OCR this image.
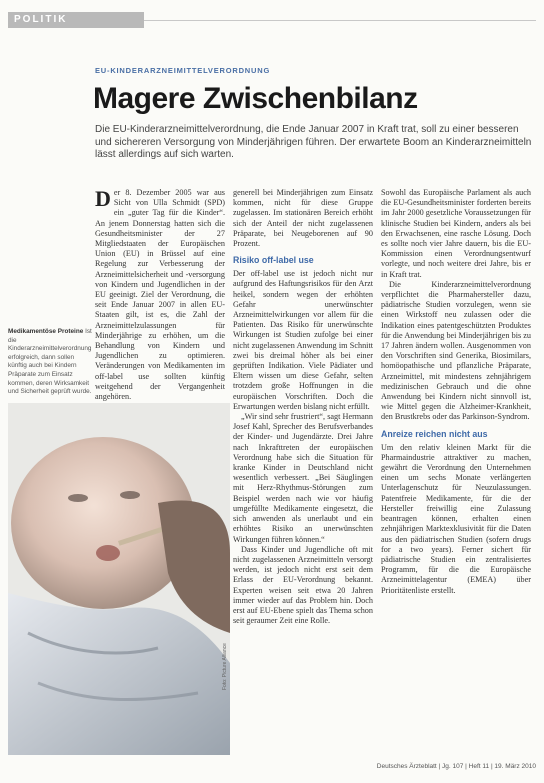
POLITIK
EU-KINDERARZNEIMITTELVERORDNUNG
Magere Zwischenbilanz

Die EU-Kinderarzneimittelverordnung, die Ende Januar 2007 in Kraft trat, soll zu einer besseren und sichereren Versorgung von Minderjährigen führen. Der erwartete Boom an Kinderarzneimitteln lässt allerdings auf sich warten.

Der 8. Dezember 2005 war aus Sicht von Ulla Schmidt (SPD) ein „guter Tag für die Kinder“. An jenem Donnerstag hatten sich die Gesundheitsminister der 27 Mitgliedstaaten der Europäischen Union (EU) in Brüssel auf eine Regelung zur Verbesserung der Arzneimittelsicherheit und -versorgung von Kindern und Jugendlichen in der EU geeinigt. Ziel der Verordnung, die seit Ende Januar 2007 in allen EU-Staaten gilt, ist es, die Zahl der Arzneimittelzulassungen für Minderjährige zu erhöhen, um die Behandlung von Kindern und Jugendlichen zu optimieren. Veränderungen von Medikamenten im off-label use sollten künftig weitgehend der Vergangenheit angehören.

Medikamentöse Proteine Ist die Kinderarzneimittelverordnung erfolgreich, dann sollen künftig auch bei Kindern Präparate zum Einsatz kommen, deren Wirksamkeit und Sicherheit geprüft wurde.
Foto: Picture Alliance

generell bei Minderjährigen zum Einsatz kommen, nicht für diese Gruppe zugelassen. Im stationären Bereich erhöht sich der Anteil der nicht zugelassenen Präparate, bei Neugeborenen auf 90 Prozent.

Risiko off-label use

Der off-label use ist jedoch nicht nur aufgrund des Haftungsrisikos für den Arzt heikel, sondern wegen der erhöhten Gefahr unerwünschter Arzneimittelwirkungen vor allem für die Patienten. Das Risiko für unerwünschte Wirkungen ist Studien zufolge bei einer nicht zugelassenen Anwendung im Schnitt zwei bis dreimal höher als bei einer geprüften Indikation. Viele Pädiater und Eltern wissen um diese Gefahr, selten trotzdem große Hoffnungen in die europäischen Vorschriften. Doch die Erwartungen werden bislang nicht erfüllt.

„Wir sind sehr frustriert“, sagt Hermann Josef Kahl, Sprecher des Berufsverbandes der Kinder- und Jugendärzte. Drei Jahre nach Inkrafttreten der europäischen Verordnung habe sich die Situation für kranke Kinder in Deutschland nicht wesentlich verbessert. „Bei Säuglingen mit Herz-Rhythmus-Störungen zum Beispiel werden nach wie vor häufig umgefüllte Medikamente eingesetzt, die sich anwenden als unerlaubt und ein erhöhtes Risiko an unerwünschten Wirkungen führen können.“

Dass Kinder und Jugendliche oft mit nicht zugelassenen Arzneimitteln versorgt werden, ist jedoch nicht erst seit dem Erlass der EU-Verordnung bekannt. Experten weisen seit etwa 20 Jahren immer wieder auf das Problem hin. Doch erst auf EU-Ebene spielt das Thema schon seit geraumer Zeit eine Rolle.

Sowohl das Europäische Parlament als auch die EU-Gesundheitsminister forderten bereits im Jahr 2000 gesetzliche Voraussetzungen für klinische Studien bei Kindern, anders als bei den Erwachsenen, eine rasche Lösung. Doch es sollte noch vier Jahre dauern, bis die EU-Kommission einen Verordnungsentwurf vorlegte, und noch weitere drei Jahre, bis er in Kraft trat.

Die Kinderarzneimittelverordnung verpflichtet die Pharmahersteller dazu, pädiatrische Studien vorzulegen, wenn sie einen Wirkstoff neu zulassen oder die Indikation eines patentgeschützten Produktes für die Anwendung bei Minderjährigen bis zu 17 Jahren ändern wollen. Ausgenommen von den Vorschriften sind Generika, Biosimilars, homöopathische und pflanzliche Präparate, Arzneimittel, mit mindestens zehnjährigem medizinischen Gebrauch und die ohne Anwendung bei Kindern nicht sinnvoll ist, wie Mittel gegen die Alzheimer-Krankheit, den Brustkrebs oder das Parkinson-Syndrom.

Anreize reichen nicht aus

Um den relativ kleinen Markt für die Pharmaindustrie attraktiver zu machen, gewährt die Verordnung den Unternehmen einen um sechs Monate verlängerten Unterlagenschutz für Neuzulassungen. Patentfreie Medikamente, für die der Hersteller freiwillig eine Zulassung beantragen können, erhalten einen zehnjährigen Marktexklusivität für die Daten aus den pädiatrischen Studien (sofern drugs for a two years). Ferner sichert für pädiatrische Studien ein zentralisiertes Programm, für die die Europäische Arzneimittelagentur (EMEA) über Prioritätenliste erstellt.

Deutsches Ärzteblatt | Jg. 107 | Heft 11 | 19. März 2010
